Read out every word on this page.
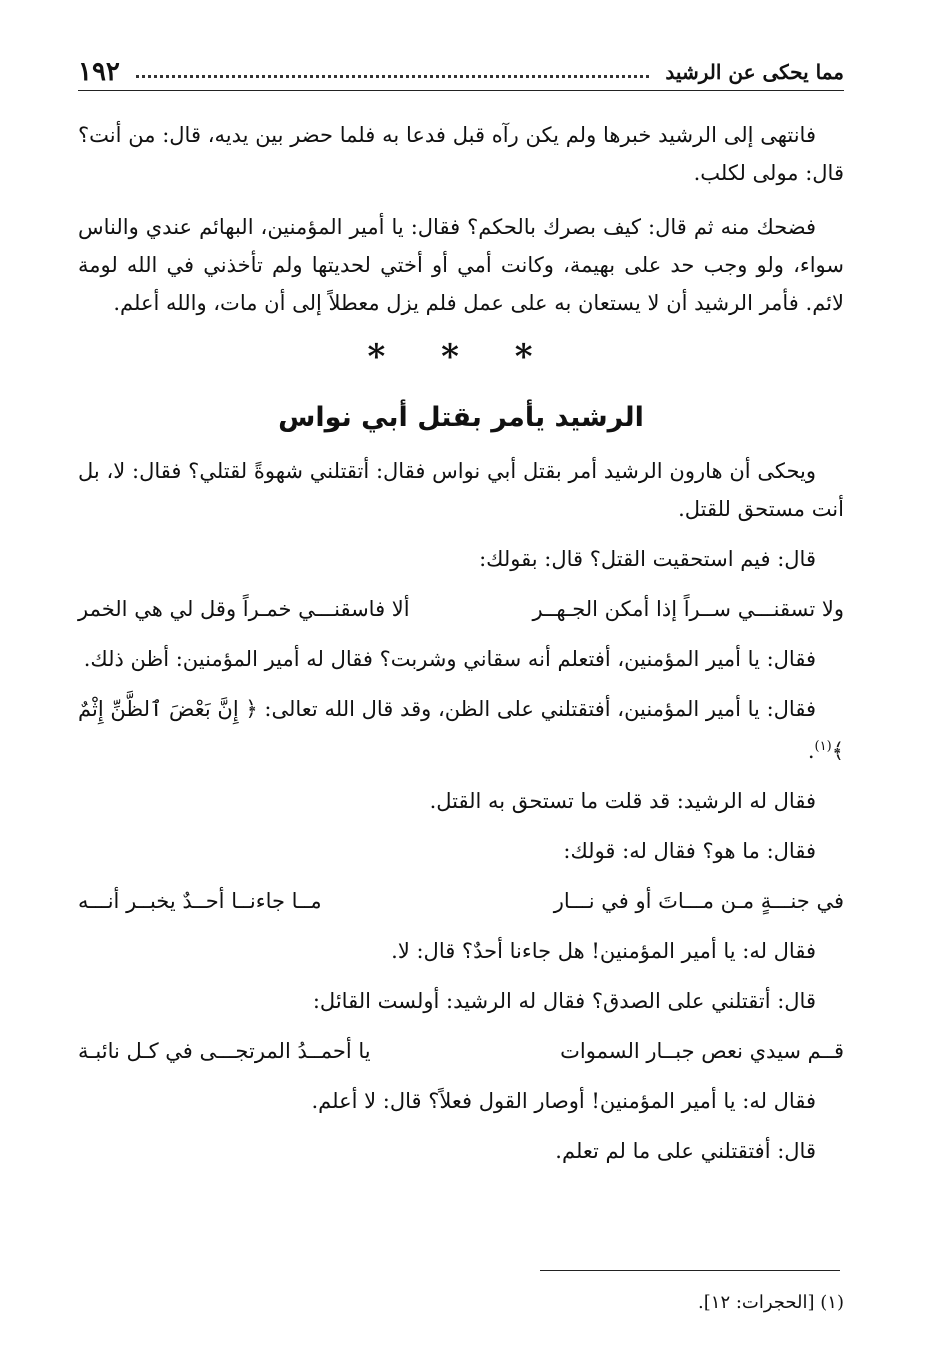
١٩٢	مما يحكى عن الرشيد

فانتهى إلى الرشيد خبرها ولم يكن رآه قبل فدعا به فلما حضر بين يديه، قال: من أنت؟ قال: مولى لكلب.

فضحك منه ثم قال: كيف بصرك بالحكم؟ فقال: يا أمير المؤمنين، البهائم عندي والناس سواء، ولو وجب حد على بهيمة، وكانت أمي أو أختي لحديتها ولم تأخذني في الله لومة لائم. فأمر الرشيد أن لا يستعان به على عمل فلم يزل معطلاً إلى أن مات، والله أعلم.

* * *
الرشيد يأمر بقتل أبي نواس

ويحكى أن هارون الرشيد أمر بقتل أبي نواس فقال: أتقتلني شهوةً لقتلي؟ فقال: لا، بل أنت مستحق للقتل.

قال: فيم استحقيت القتل؟ قال: بقولك:

ألا فاسقنـــي خمـراً وقل لي هي الخمر	ولا تسقنـــي ســراً إذا أمكن الجـهــر

فقال: يا أمير المؤمنين، أفتعلم أنه سقاني وشربت؟ فقال له أمير المؤمنين: أظن ذلك.

فقال: يا أمير المؤمنين، أفتقتلني على الظن، وقد قال الله تعالى: ﴿ إِنَّ بَعْضَ ٱلظَّنِّ إِثْمٌ ﴾$^{(١)}$.

فقال له الرشيد: قد قلت ما تستحق به القتل.

فقال: ما هو؟ فقال له: قولك:

مــا جاءنــا أحــدٌ يخبــر أنـــه	في جنـــةٍ مـن مـــاتَ أو في نـــار

فقال له: يا أمير المؤمنين! هل جاءنا أحدٌ؟ قال: لا.

قال: أتقتلني على الصدق؟ فقال له الرشيد: أولست القائل:

يا أحمــدُ المرتجـــى في كـل نائبـة	قــم سيدي نعص جبــار السموات

فقال له: يا أمير المؤمنين! أوصار القول فعلاً؟ قال: لا أعلم.

قال: أفتقتلني على ما لم تعلم.

(١) [الحجرات: ١٢].
